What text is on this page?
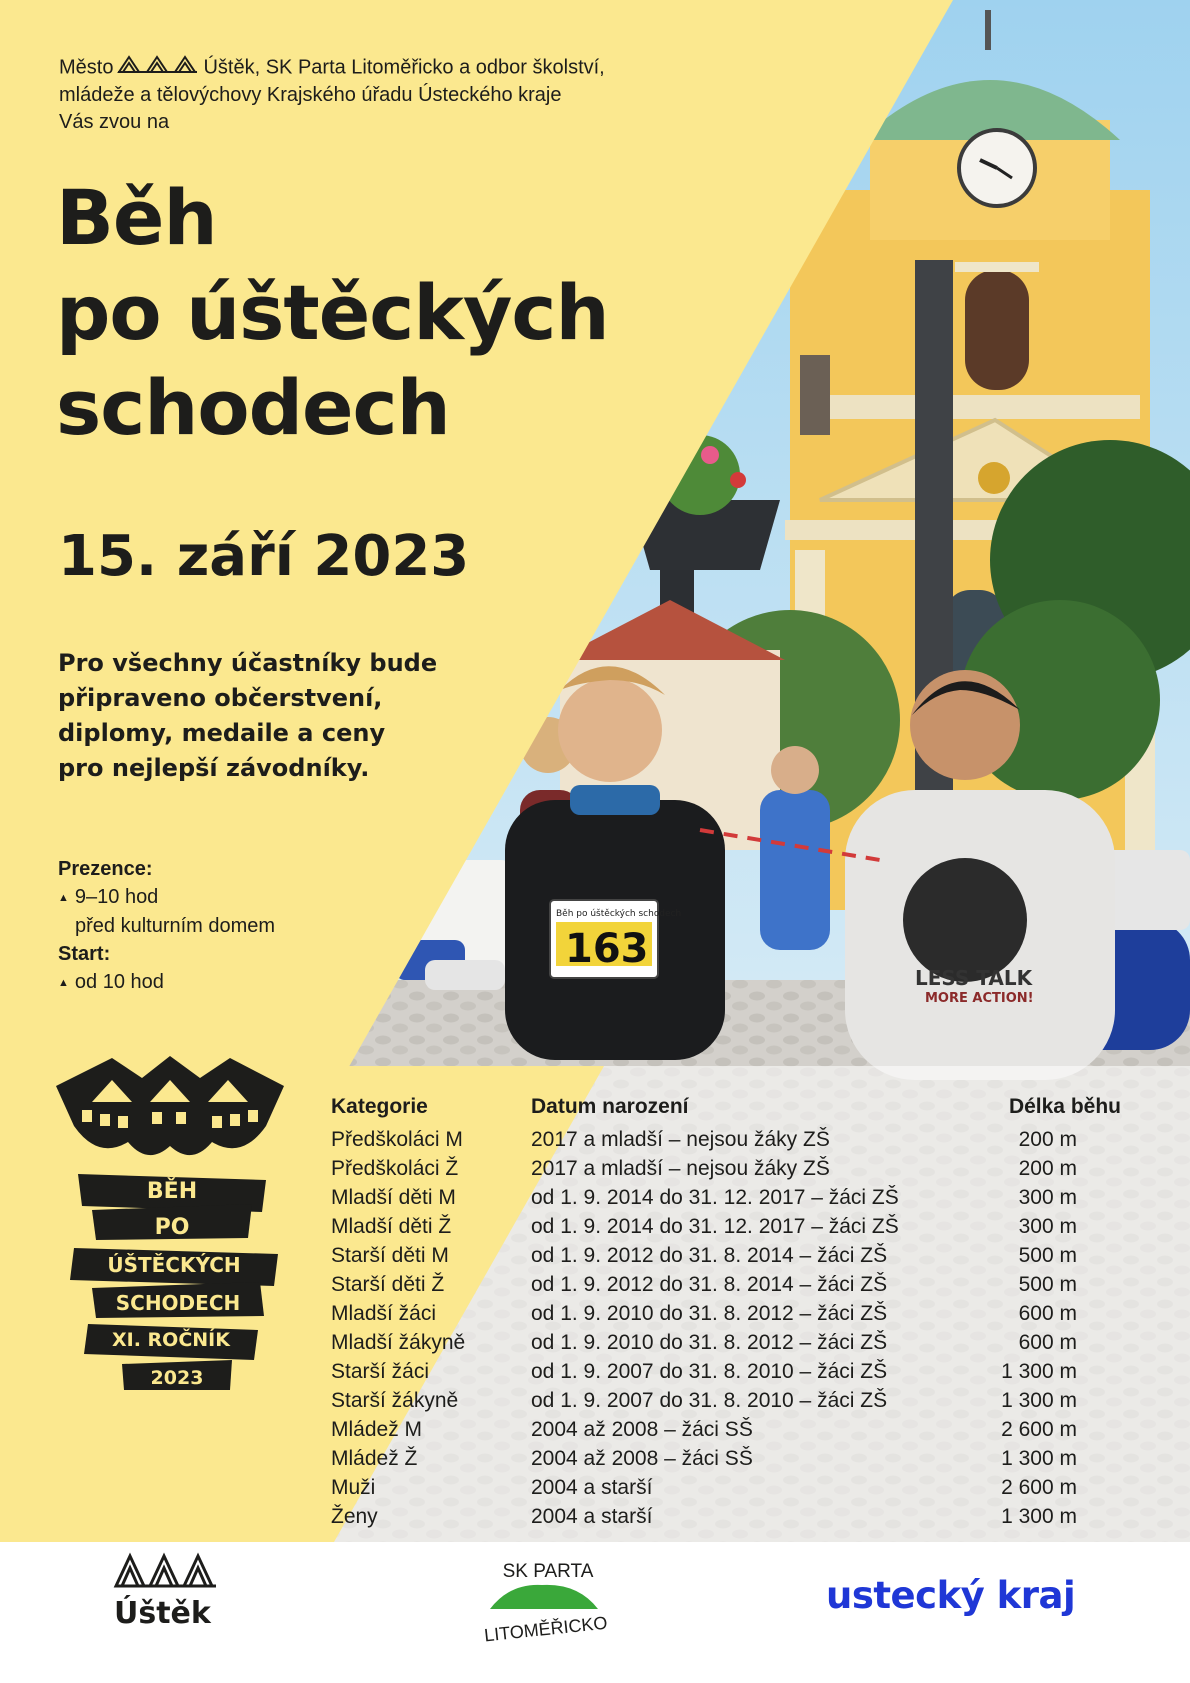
Běh po úštěckých schodech
163
LESS TALK
MORE ACTION!
Město	Úštěk, SK Parta Litoměřicko a odbor školství,
mládeže a tělovýchovy Krajského úřadu Ústeckého kraje
Vás zvou na
Běh
po úštěckých
schodech
15. září 2023
Pro všechny účastníky bude
připraveno občerstvení,
diplomy, medaile a ceny
pro nejlepší závodníky.
Prezence:
▲ 9–10 hod
před kulturním domem
Start:
▲ od 10 hod
BĚH
PO
ÚŠTĚCKÝCH
SCHODECH
XI. ROČNÍK
2023
Kategorie	Datum narození	Délka běhu
Předškoláci M	2017 a mladší – nejsou žáky ZŠ	200 m
Předškoláci Ž	2017 a mladší – nejsou žáky ZŠ	200 m
Mladší děti M	od 1. 9. 2014 do 31. 12. 2017 – žáci ZŠ	300 m
Mladší děti Ž	od 1. 9. 2014 do 31. 12. 2017 – žáci ZŠ	300 m
Starší děti M	od 1. 9. 2012 do 31. 8. 2014 – žáci ZŠ	500 m
Starší děti Ž	od 1. 9. 2012 do 31. 8. 2014 – žáci ZŠ	500 m
Mladší žáci	od 1. 9. 2010 do 31. 8. 2012 – žáci ZŠ	600 m
Mladší žákyně	od 1. 9. 2010 do 31. 8. 2012 – žáci ZŠ	600 m
Starší žáci	od 1. 9. 2007 do 31. 8. 2010 – žáci ZŠ	1 300 m
Starší žákyně	od 1. 9. 2007 do 31. 8. 2010 – žáci ZŠ	1 300 m
Mládež M	2004 až 2008 – žáci SŠ	2 600 m
Mládež Ž	2004 až 2008 – žáci SŠ	1 300 m
Muži	2004 a starší	2 600 m
Ženy	2004 a starší	1 300 m
Úštěk
SK PARTA
LITOMĚŘICKO
ustecký kraj
